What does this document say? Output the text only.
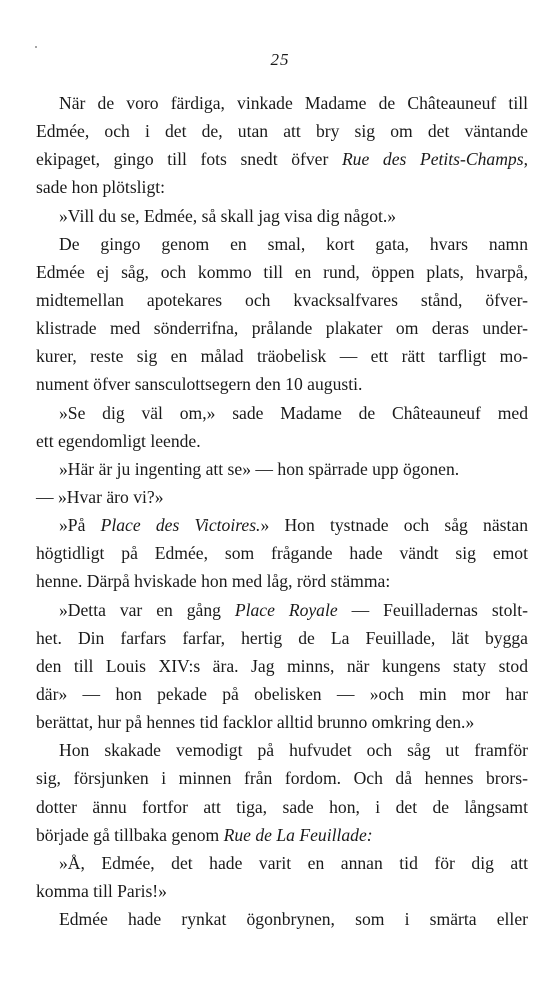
25
När de voro färdiga, vinkade Madame de Châteauneuf till
Edmée, och i det de, utan att bry sig om det väntande
ekipaget, gingo till fots snedt öfver Rue des Petits-Champs,
sade hon plötsligt:
»Vill du se, Edmée, så skall jag visa dig något.»
De gingo genom en smal, kort gata, hvars namn
Edmée ej såg, och kommo till en rund, öppen plats, hvarpå,
midtemellan apotekares och kvacksalfvares stånd, öfver-
klistrade med sönderrifna, prålande plakater om deras under-
kurer, reste sig en målad träobelisk — ett rätt tarfligt mo-
nument öfver sansculottsegern den 10 augusti.
»Se dig väl om,» sade Madame de Châteauneuf med
ett egendomligt leende.
»Här är ju ingenting att se» — hon spärrade upp ögonen.
— »Hvar äro vi?»
»På Place des Victoires.» Hon tystnade och såg nästan
högtidligt på Edmée, som frågande hade vändt sig emot
henne. Därpå hviskade hon med låg, rörd stämma:
»Detta var en gång Place Royale — Feuilladernas stolt-
het. Din farfars farfar, hertig de La Feuillade, lät bygga
den till Louis XIV:s ära. Jag minns, när kungens staty stod
där» — hon pekade på obelisken — »och min mor har
berättat, hur på hennes tid facklor alltid brunno omkring den.»
Hon skakade vemodigt på hufvudet och såg ut framför
sig, försjunken i minnen från fordom. Och då hennes brors-
dotter ännu fortfor att tiga, sade hon, i det de långsamt
började gå tillbaka genom Rue de La Feuillade:
»Å, Edmée, det hade varit en annan tid för dig att
komma till Paris!»
Edmée hade rynkat ögonbrynen, som i smärta eller
